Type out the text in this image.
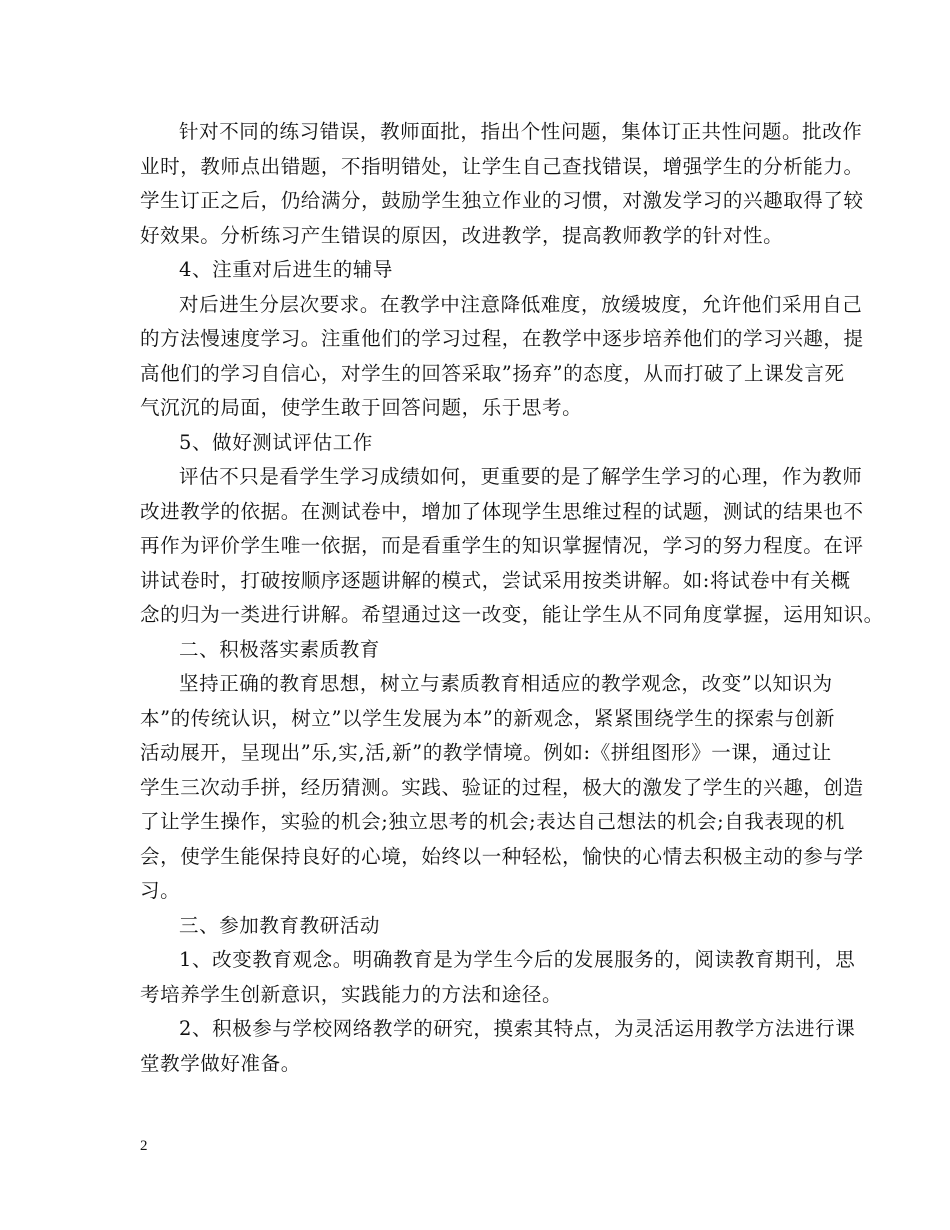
针对不同的练习错误，教师面批，指出个性问题，集体订正共性问题。批改作
业时，教师点出错题，不指明错处，让学生自己查找错误，增强学生的分析能力。
学生订正之后，仍给满分，鼓励学生独立作业的习惯，对激发学习的兴趣取得了较
好效果。分析练习产生错误的原因，改进教学，提高教师教学的针对性。
4、注重对后进生的辅导
对后进生分层次要求。在教学中注意降低难度，放缓坡度，允许他们采用自己
的方法慢速度学习。注重他们的学习过程，在教学中逐步培养他们的学习兴趣，提
高他们的学习自信心，对学生的回答采取”扬弃”的态度，从而打破了上课发言死
气沉沉的局面，使学生敢于回答问题，乐于思考。
5、做好测试评估工作
评估不只是看学生学习成绩如何，更重要的是了解学生学习的心理，作为教师
改进教学的依据。在测试卷中，增加了体现学生思维过程的试题，测试的结果也不
再作为评价学生唯一依据，而是看重学生的知识掌握情况，学习的努力程度。在评
讲试卷时，打破按顺序逐题讲解的模式，尝试采用按类讲解。如:将试卷中有关概
念的归为一类进行讲解。希望通过这一改变，能让学生从不同角度掌握，运用知识。
二、积极落实素质教育
坚持正确的教育思想，树立与素质教育相适应的教学观念，改变”以知识为
本”的传统认识，树立”以学生发展为本”的新观念，紧紧围绕学生的探索与创新
活动展开，呈现出”乐,实,活,新”的教学情境。例如:《拼组图形》一课，通过让
学生三次动手拼，经历猜测。实践、验证的过程，极大的激发了学生的兴趣，创造
了让学生操作，实验的机会;独立思考的机会;表达自己想法的机会;自我表现的机
会，使学生能保持良好的心境，始终以一种轻松，愉快的心情去积极主动的参与学
习。
三、参加教育教研活动
1、改变教育观念。明确教育是为学生今后的发展服务的，阅读教育期刊，思
考培养学生创新意识，实践能力的方法和途径。
2、积极参与学校网络教学的研究，摸索其特点，为灵活运用教学方法进行课
堂教学做好准备。
2
